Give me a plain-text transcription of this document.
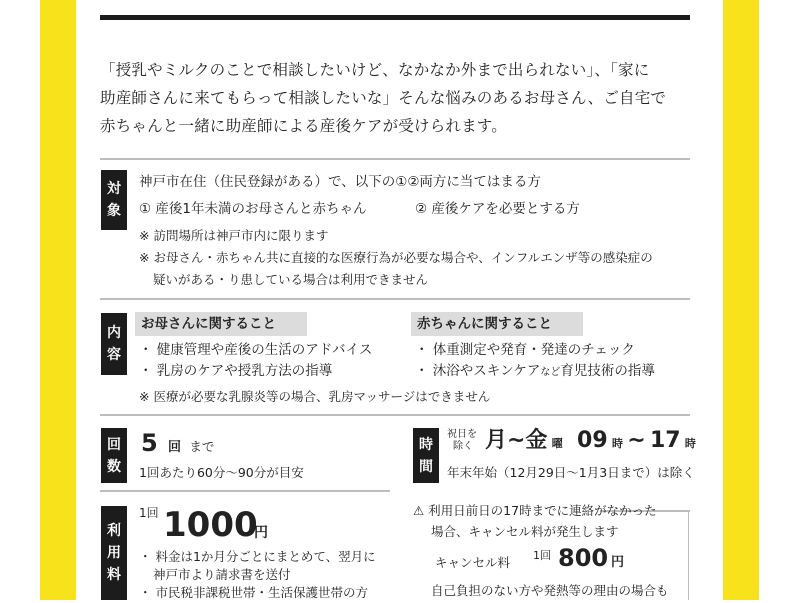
「授乳やミルクのことで相談したいけど、なかなか外まで出られない」、「家に
助産師さんに来てもらって相談したいな」そんな悩みのあるお母さん、ご自宅で
赤ちゃんと一緒に助産師による産後ケアが受けられます。
対
象
神戸市在住（住民登録がある）で、以下の①②両方に当てはまる方
① 産後1年未満のお母さんと赤ちゃん	② 産後ケアを必要とする方
※ 訪問場所は神戸市内に限ります
※ お母さん・赤ちゃん共に直接的な医療行為が必要な場合や、インフルエンザ等の感染症の
疑いがある・り患している場合は利用できません
内
容
お母さんに関すること	赤ちゃんに関すること
・ 健康管理や産後の生活のアドバイス
・ 乳房のケアや授乳方法の指導
・ 体重測定や発育・発達のチェック
・ 沐浴やスキンケアなど育児技術の指導
※ 医療が必要な乳腺炎等の場合、乳房マッサージはできません
回
数
5 回 まで
1回あたり60分〜90分が目安
時
間
祝日を
除く 月~金 曜 09 時 ~ 17 時
年末年始（12月29日〜1月3日まで）は除く
利
用
料
1回 1000
円
・ 料金は1か月分ごとにまとめて、翌月に
神戸市より請求書を送付
・ 市民税非課税世帯・生活保護世帯の方
⚠ 利用日前日の17時までに連絡がなかった
場合、キャンセル料が発生します
キャンセル料 1回 800 円
自己負担のない方や発熱等の理由の場合も
